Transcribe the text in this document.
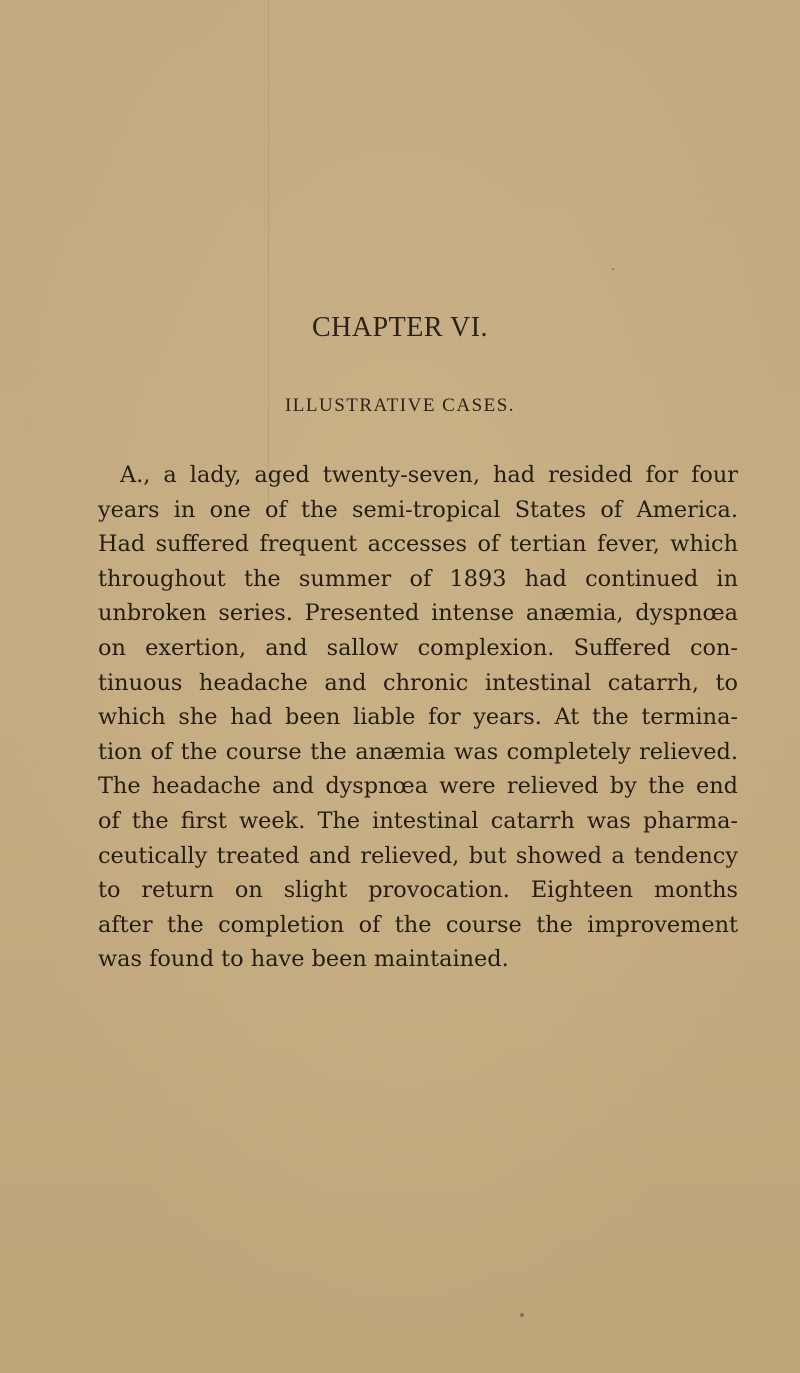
CHAPTER VI.
ILLUSTRATIVE CASES.

A., a lady, aged twenty-seven, had resided for four
years in one of the semi-tropical States of America.
Had suffered frequent accesses of tertian fever, which
throughout the summer of 1893 had continued in
unbroken series. Presented intense anæmia, dyspnœa
on exertion, and sallow complexion. Suffered con-
tinuous headache and chronic intestinal catarrh, to
which she had been liable for years. At the termina-
tion of the course the anæmia was completely relieved.
The headache and dyspnœa were relieved by the end
of the first week. The intestinal catarrh was pharma-
ceutically treated and relieved, but showed a tendency
to return on slight provocation. Eighteen months
after the completion of the course the improvement
was found to have been maintained.
